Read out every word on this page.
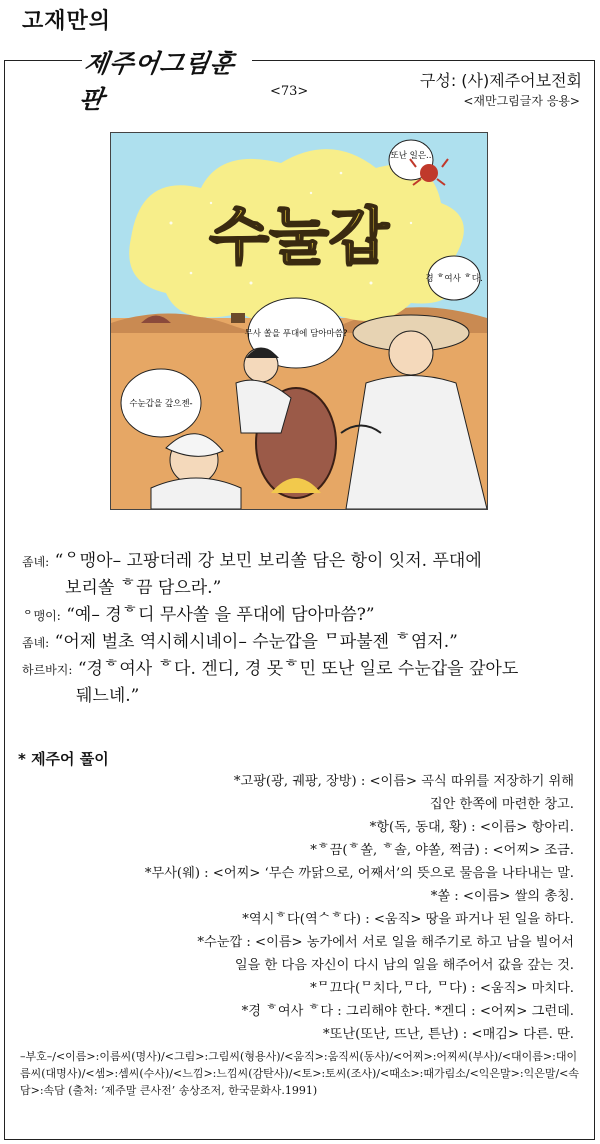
고재만의
제주어그림훈판	<73>
구성: (사)제주어보전회
<재만그림글자 응용>
수눌갑
또난 일은..
경 ᄒ여사 ᄒ다.
무사 쏠을 푸대에 담아마씀?
수눈갑을 갚으젠-
좀녜: “ᄋ맹아– 고팡더레 강 보민 보리쏠 담은 항이 잇저. 푸대에
보리쏠 ᄒ끔 담으라.”
ᄋ맹이: “예– 경ᄒ디 무사쏠 을 푸대에 담아마씀?”
좀녜: “어제 벌초 역시헤시녜이– 수눈깝을 ᄆ파불젠 ᄒ염저.”
하르바지: “경ᄒ여사 ᄒ다. 겐디, 경 못ᄒ민 또난 일로 수눈갑을 갚아도
뒈느녜.”
* 제주어 풀이
*고팡(광, 궤팡, 장방) : <이름> 곡식 따위를 저장하기 위해
집안 한쪽에 마련한 창고.
*항(독, 동대, 황) : <이름> 항아리.
*ᄒ끔(ᄒ쏠, ᄒ솔, 야쏠, 쩍금) : <어찌> 조금.
*무사(웨) : <어찌> ‘무슨 까닭으로, 어째서’의 뜻으로 물음을 나타내는 말.
*쏠 : <이름> 쌀의 총칭.
*역시ᄒ다(역ᄉᄒ다) : <움직> 땅을 파거나 된 일을 하다.
*수눈깝 : <이름> 농가에서 서로 일을 해주기로 하고 남을 빌어서
일을 한 다음 자신이 다시 남의 일을 해주어서 값을 갚는 것.
*ᄆ끄다(ᄆ치다,ᄆ다, ᄆ다) : <움직> 마치다.
*경 ᄒ여사 ᄒ다 : 그리해야 한다. *겐디 : <어찌> 그런데.
*또난(또난, 뜨난, 튼난) : <매김> 다른. 딴.
–부호–/<이름>:이름씨(명사)/<그림>:그림씨(형용사)/<움직>:움직씨(동사)/<어찌>:어찌씨(부사)/<대이름>:대이름씨(대명사)/<셈>:셈씨(수사)/<느낌>:느낌씨(감탄사)/<토>:토씨(조사)/<때소>:때가림소/<익은말>:익은말/<속담>:속담 (출처: ‘제주말 큰사전’ 송상조저, 한국문화사.1991)
